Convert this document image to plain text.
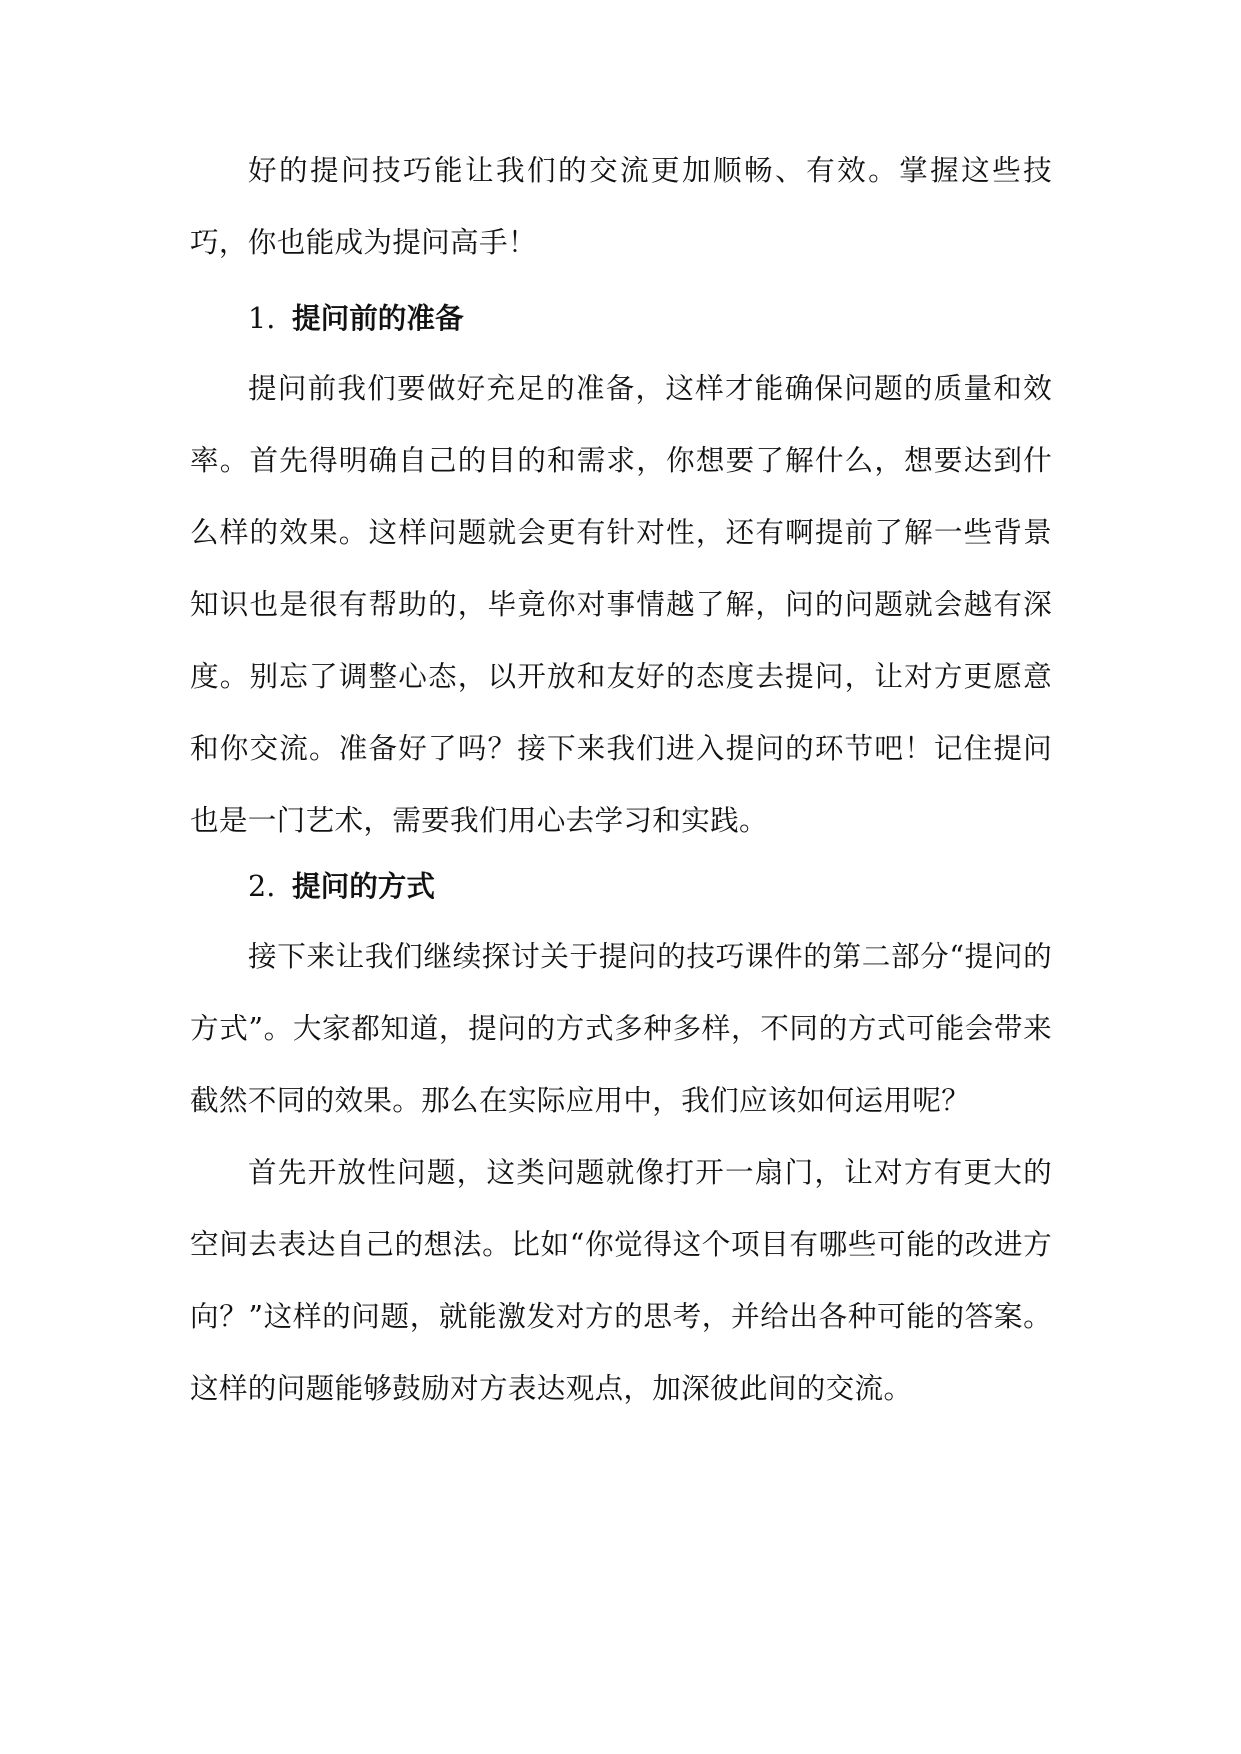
好的提问技巧能让我们的交流更加顺畅、有效。掌握这些技巧，你也能成为提问高手！

1. 提问前的准备

提问前我们要做好充足的准备，这样才能确保问题的质量和效率。首先得明确自己的目的和需求，你想要了解什么，想要达到什么样的效果。这样问题就会更有针对性，还有啊提前了解一些背景知识也是很有帮助的，毕竟你对事情越了解，问的问题就会越有深度。别忘了调整心态，以开放和友好的态度去提问，让对方更愿意和你交流。准备好了吗？接下来我们进入提问的环节吧！记住提问也是一门艺术，需要我们用心去学习和实践。

2. 提问的方式

接下来让我们继续探讨关于提问的技巧课件的第二部分“提问的方式”。大家都知道，提问的方式多种多样，不同的方式可能会带来截然不同的效果。那么在实际应用中，我们应该如何运用呢？

首先开放性问题，这类问题就像打开一扇门，让对方有更大的空间去表达自己的想法。比如“你觉得这个项目有哪些可能的改进方向？”这样的问题，就能激发对方的思考，并给出各种可能的答案。这样的问题能够鼓励对方表达观点，加深彼此间的交流。
